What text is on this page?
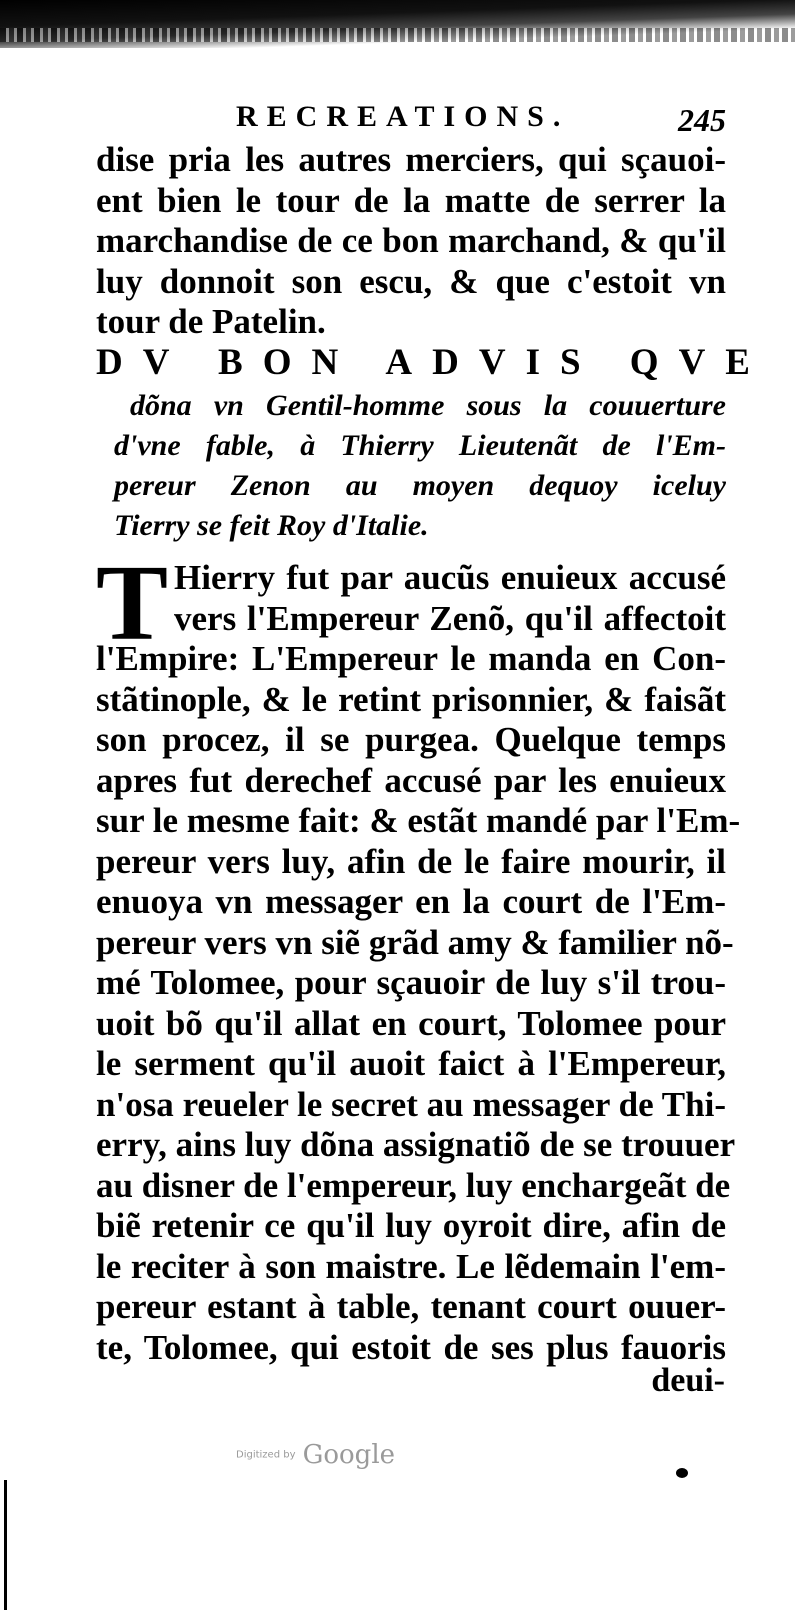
RECREATIONS.	245
dise pria les autres merciers, qui sçauoi-
ent bien le tour de la matte de serrer la
marchandise de ce bon marchand, & qu'il
luy donnoit son escu, & que c'estoit vn
tour de Patelin.
DV BON ADVIS QVE
dõna vn Gentil-homme sous la couuerture
d'vne fable, à Thierry Lieutenãt de l'Em-
pereur Zenon au moyen dequoy iceluy
Tierry se feit Roy d'Italie.
T Hierry fut par aucũs enuieux accusé
vers l'Empereur Zenõ, qu'il affectoit
l'Empire: L'Empereur le manda en Con-
stãtinople, & le retint prisonnier, & faisãt
son procez, il se purgea. Quelque temps
apres fut derechef accusé par les enuieux
sur le mesme fait: & estãt mandé par l'Em-
pereur vers luy, afin de le faire mourir, il
enuoya vn messager en la court de l'Em-
pereur vers vn siẽ grãd amy & familier nõ-
mé Tolomee, pour sçauoir de luy s'il trou-
uoit bõ qu'il allat en court, Tolomee pour
le serment qu'il auoit faict à l'Empereur,
n'osa reueler le secret au messager de Thi-
erry, ains luy dõna assignatiõ de se trouuer
au disner de l'empereur, luy enchargeãt de
biẽ retenir ce qu'il luy oyroit dire, afin de
le reciter à son maistre. Le lẽdemain l'em-
pereur estant à table, tenant court ouuer-
te, Tolomee, qui estoit de ses plus fauoris
deui-
Digitized by Google
